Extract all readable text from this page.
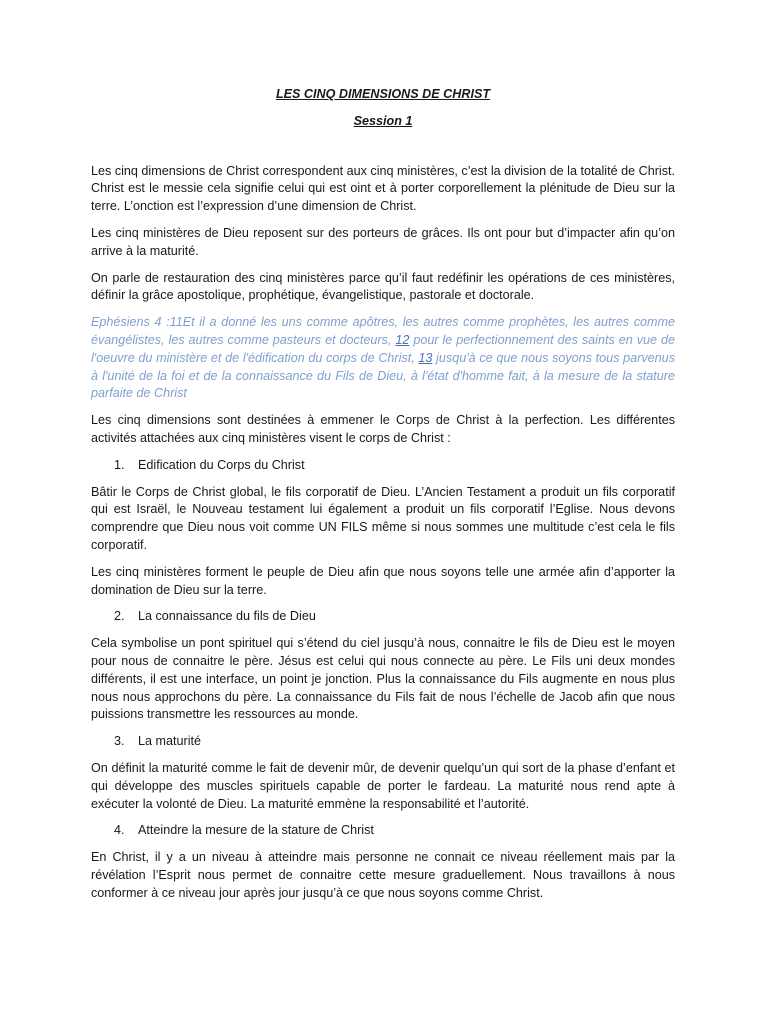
LES CINQ DIMENSIONS DE CHRIST

Session 1

Les cinq dimensions de Christ correspondent aux cinq ministères, c’est la division de la totalité de Christ. Christ est le messie cela signifie celui qui est oint et à porter corporellement la plénitude de Dieu sur la terre. L’onction est l’expression d’une dimension de Christ.

Les cinq ministères de Dieu reposent sur des porteurs de grâces. Ils ont pour but d’impacter afin qu’on arrive à la maturité.

On parle de restauration des cinq ministères parce qu’il faut redéfinir les opérations de ces ministères, définir la grâce apostolique, prophétique, évangelistique, pastorale et doctorale.

Ephésiens 4 :11Et il a donné les uns comme apôtres, les autres comme prophètes, les autres comme évangélistes, les autres comme pasteurs et docteurs, 12 pour le perfectionnement des saints en vue de l'oeuvre du ministère et de l'édification du corps de Christ, 13 jusqu'à ce que nous soyons tous parvenus à l'unité de la foi et de la connaissance du Fils de Dieu, à l'état d'homme fait, à la mesure de la stature parfaite de Christ

Les cinq dimensions sont destinées à emmener le Corps de Christ à la perfection. Les différentes activités attachées aux cinq ministères visent le corps de Christ :

1. Edification du Corps du Christ

Bâtir le Corps de Christ global, le fils corporatif de Dieu. L’Ancien Testament a produit un fils corporatif qui est Israël, le Nouveau testament lui également a produit un fils corporatif l’Eglise. Nous devons comprendre que Dieu nous voit comme UN FILS même si nous sommes une multitude c’est cela le fils corporatif.

Les cinq ministères forment le peuple de Dieu afin que nous soyons telle une armée afin d’apporter la domination de Dieu sur la terre.

2. La connaissance du fils de Dieu

Cela symbolise un pont spirituel qui s’étend du ciel jusqu’à nous, connaitre le fils de Dieu est le moyen pour nous de connaitre le père. Jésus est celui qui nous connecte au père. Le Fils uni deux mondes différents, il est une interface, un point je jonction. Plus la connaissance du Fils augmente en nous plus nous nous approchons du père. La connaissance du Fils fait de nous l’échelle de Jacob afin que nous puissions transmettre les ressources au monde.

3. La maturité

On définit la maturité comme le fait de devenir mûr, de devenir quelqu’un qui sort de la phase d’enfant et qui développe des muscles spirituels capable de porter le fardeau. La maturité nous rend apte à exécuter la volonté de Dieu. La maturité emmène la responsabilité et l’autorité.

4. Atteindre la mesure de la stature de Christ

En Christ, il y a un niveau à atteindre mais personne ne connait ce niveau réellement mais par la révélation l’Esprit nous permet de connaitre cette mesure graduellement. Nous travaillons à nous conformer à ce niveau jour après jour jusqu’à ce que nous soyons comme Christ.
